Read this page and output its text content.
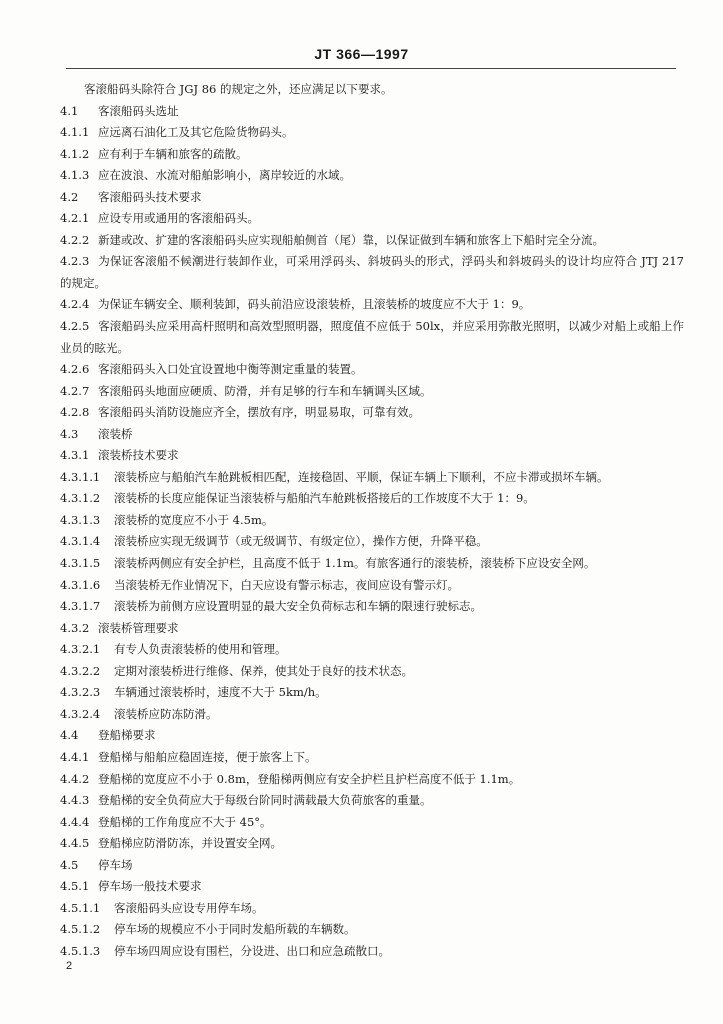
JT 366—1997
客滚船码头除符合 JGJ 86 的规定之外，还应满足以下要求。
4.1 客滚船码头选址
4.1.1 应远离石油化工及其它危险货物码头。
4.1.2 应有利于车辆和旅客的疏散。
4.1.3 应在波浪、水流对船舶影响小，离岸较近的水域。
4.2 客滚船码头技术要求
4.2.1 应设专用或通用的客滚船码头。
4.2.2 新建或改、扩建的客滚船码头应实现船舶侧首（尾）靠，以保证做到车辆和旅客上下船时完全分流。
4.2.3 为保证客滚船不候潮进行装卸作业，可采用浮码头、斜坡码头的形式，浮码头和斜坡码头的设计均应符合 JTJ 217 的规定。
4.2.4 为保证车辆安全、顺利装卸，码头前沿应设滚装桥，且滚装桥的坡度应不大于 1：9。
4.2.5 客滚船码头应采用高杆照明和高效型照明器，照度值不应低于 50lx，并应采用弥散光照明，以减少对船上或船上作业员的眩光。
4.2.6 客滚船码头入口处宜设置地中衡等测定重量的装置。
4.2.7 客滚船码头地面应硬质、防滑，并有足够的行车和车辆调头区域。
4.2.8 客滚船码头消防设施应齐全，摆放有序，明显易取，可靠有效。
4.3 滚装桥
4.3.1 滚装桥技术要求
4.3.1.1 滚装桥应与船舶汽车舱跳板相匹配，连接稳固、平顺，保证车辆上下顺利，不应卡滞或损坏车辆。
4.3.1.2 滚装桥的长度应能保证当滚装桥与船舶汽车舱跳板搭接后的工作坡度不大于 1：9。
4.3.1.3 滚装桥的宽度应不小于 4.5m。
4.3.1.4 滚装桥应实现无级调节（或无级调节、有级定位），操作方便，升降平稳。
4.3.1.5 滚装桥两侧应有安全护栏，且高度不低于 1.1m。有旅客通行的滚装桥，滚装桥下应设安全网。
4.3.1.6 当滚装桥无作业情况下，白天应设有警示标志，夜间应设有警示灯。
4.3.1.7 滚装桥为前侧方应设置明显的最大安全负荷标志和车辆的限速行驶标志。
4.3.2 滚装桥管理要求
4.3.2.1 有专人负责滚装桥的使用和管理。
4.3.2.2 定期对滚装桥进行维修、保养，使其处于良好的技术状态。
4.3.2.3 车辆通过滚装桥时，速度不大于 5km/h。
4.3.2.4 滚装桥应防冻防滑。
4.4 登船梯要求
4.4.1 登船梯与船舶应稳固连接，便于旅客上下。
4.4.2 登船梯的宽度应不小于 0.8m，登船梯两侧应有安全护栏且护栏高度不低于 1.1m。
4.4.3 登船梯的安全负荷应大于每级台阶同时满载最大负荷旅客的重量。
4.4.4 登船梯的工作角度应不大于 45°。
4.4.5 登船梯应防滑防冻，并设置安全网。
4.5 停车场
4.5.1 停车场一般技术要求
4.5.1.1 客滚船码头应设专用停车场。
4.5.1.2 停车场的规模应不小于同时发船所载的车辆数。
4.5.1.3 停车场四周应设有围栏，分设进、出口和应急疏散口。
2
